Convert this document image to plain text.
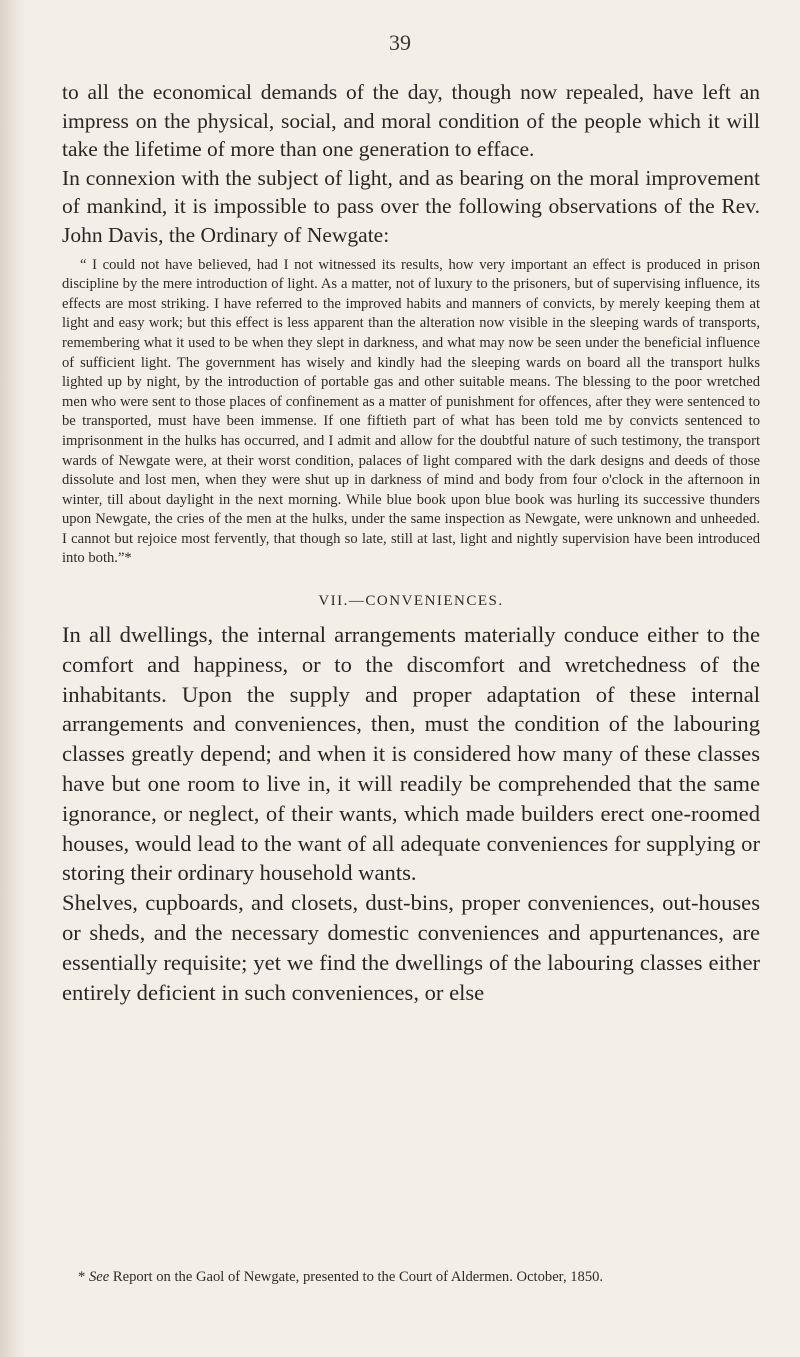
39

to all the economical demands of the day, though now repealed, have left an impress on the physical, social, and moral condition of the people which it will take the lifetime of more than one generation to efface.

In connexion with the subject of light, and as bearing on the moral improvement of mankind, it is impossible to pass over the following observations of the Rev. John Davis, the Ordinary of Newgate:

“ I could not have believed, had I not witnessed its results, how very important an effect is produced in prison discipline by the mere introduction of light. As a matter, not of luxury to the prisoners, but of supervising influence, its effects are most striking. I have referred to the improved habits and manners of convicts, by merely keeping them at light and easy work; but this effect is less apparent than the alteration now visible in the sleeping wards of transports, remembering what it used to be when they slept in darkness, and what may now be seen under the beneficial influence of sufficient light. The government has wisely and kindly had the sleeping wards on board all the transport hulks lighted up by night, by the introduction of portable gas and other suitable means. The blessing to the poor wretched men who were sent to those places of confinement as a matter of punishment for offences, after they were sentenced to be transported, must have been immense. If one fiftieth part of what has been told me by convicts sentenced to imprisonment in the hulks has occurred, and I admit and allow for the doubtful nature of such testimony, the transport wards of Newgate were, at their worst condition, palaces of light compared with the dark designs and deeds of those dissolute and lost men, when they were shut up in darkness of mind and body from four o'clock in the afternoon in winter, till about daylight in the next morning. While blue book upon blue book was hurling its successive thunders upon Newgate, the cries of the men at the hulks, under the same inspection as Newgate, were unknown and unheeded. I cannot but rejoice most fervently, that though so late, still at last, light and nightly supervision have been introduced into both.”*

VII.—CONVENIENCES.

In all dwellings, the internal arrangements materially conduce either to the comfort and happiness, or to the discomfort and wretchedness of the inhabitants. Upon the supply and proper adaptation of these internal arrangements and conveniences, then, must the condition of the labouring classes greatly depend; and when it is considered how many of these classes have but one room to live in, it will readily be comprehended that the same ignorance, or neglect, of their wants, which made builders erect one-roomed houses, would lead to the want of all adequate conveniences for supplying or storing their ordinary household wants.

Shelves, cupboards, and closets, dust-bins, proper conveniences, out-houses or sheds, and the necessary domestic conveniences and appurtenances, are essentially requisite; yet we find the dwellings of the labouring classes either entirely deficient in such conveniences, or else

* See Report on the Gaol of Newgate, presented to the Court of Aldermen. October, 1850.
